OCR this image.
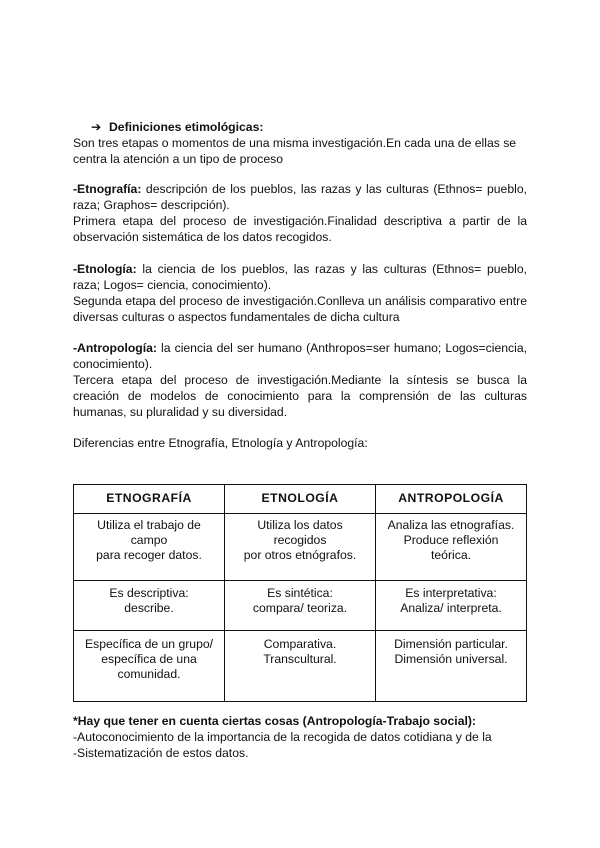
➔ Definiciones etimológicas:

Son tres etapas o momentos de una misma investigación.En cada una de ellas se

centra la atención a un tipo de proceso

-Etnografía: descripción de los pueblos, las razas y las culturas (Ethnos= pueblo, raza; Graphos= descripción).

Primera etapa del proceso de investigación.Finalidad descriptiva a partir de la observación sistemática de los datos recogidos.

-Etnología: la ciencia de los pueblos, las razas y las culturas (Ethnos= pueblo, raza; Logos= ciencia, conocimiento).

Segunda etapa del proceso de investigación.Conlleva un análisis comparativo entre diversas culturas o aspectos fundamentales de dicha cultura

-Antropología: la ciencia del ser humano (Anthropos=ser humano; Logos=ciencia, conocimiento).

Tercera etapa del proceso de investigación.Mediante la síntesis se busca la creación de modelos de conocimiento para la comprensión de las culturas humanas, su pluralidad y su diversidad.

Diferencias entre Etnografía, Etnología y Antropología:
ETNOGRAFÍA	ETNOLOGÍA	ANTROPOLOGÍA

Utiliza el trabajo de
campo
para recoger datos.	Utiliza los datos recogidos
por otros etnógrafos.	Analiza las etnografías.
Produce reflexión teórica.

Es descriptiva:
describe.	Es sintética:
compara/ teoriza.	Es interpretativa:
Analiza/ interpreta.

Específica de un grupo/
específica de una
comunidad.	Comparativa.
Transcultural.	Dimensión particular.
Dimensión universal.

*Hay que tener en cuenta ciertas cosas (Antropología-Trabajo social):

-Autoconocimiento de la importancia de la recogida de datos cotidiana y de la

-Sistematización de estos datos.
